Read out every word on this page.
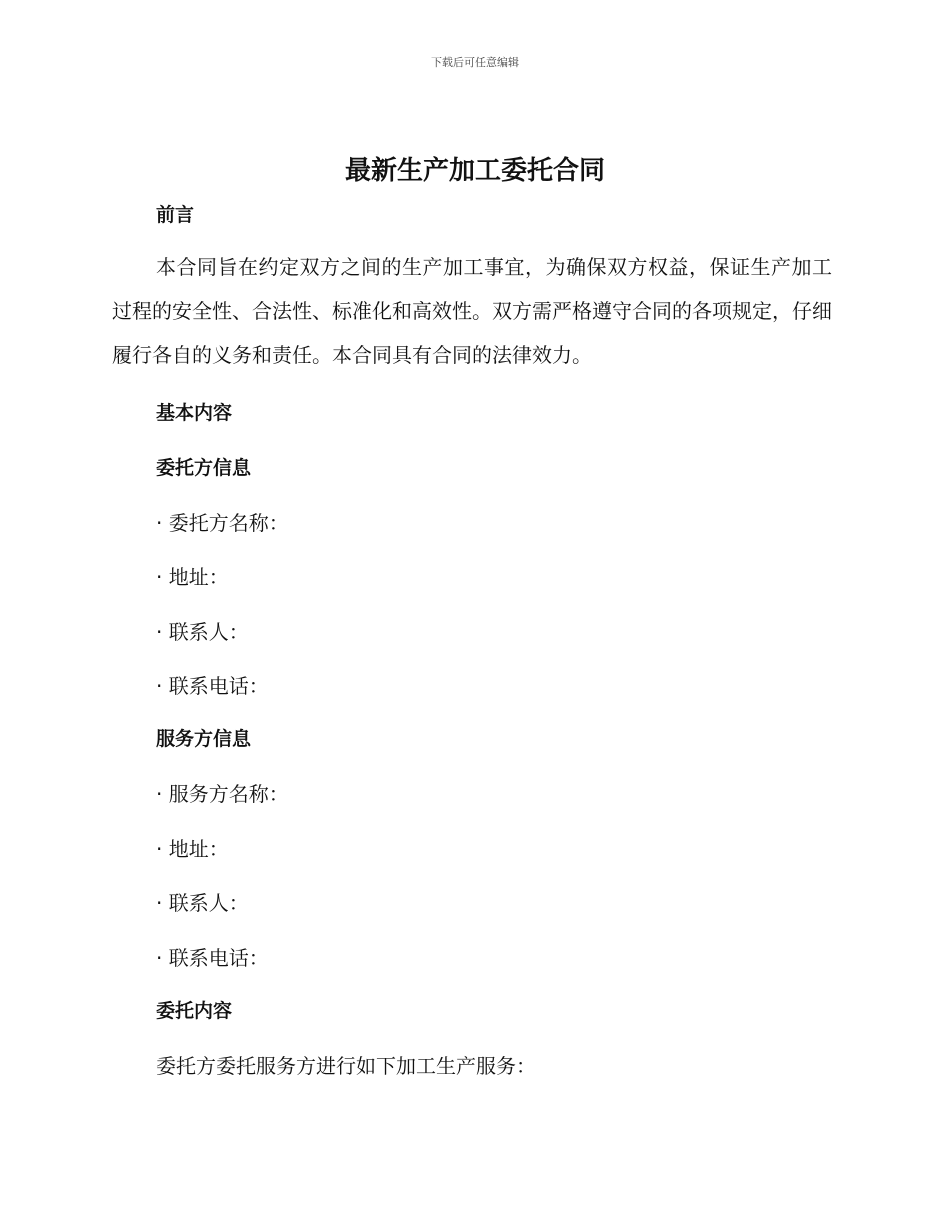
下载后可任意编辑
最新生产加工委托合同
前言

本合同旨在约定双方之间的生产加工事宜，为确保双方权益，保证生产加工过程的安全性、合法性、标准化和高效性。双方需严格遵守合同的各项规定，仔细履行各自的义务和责任。本合同具有合同的法律效力。

基本内容
委托方信息

· 委托方名称：

· 地址：

· 联系人：

· 联系电话：

服务方信息

· 服务方名称：

· 地址：

· 联系人：

· 联系电话：

委托内容

委托方委托服务方进行如下加工生产服务：
